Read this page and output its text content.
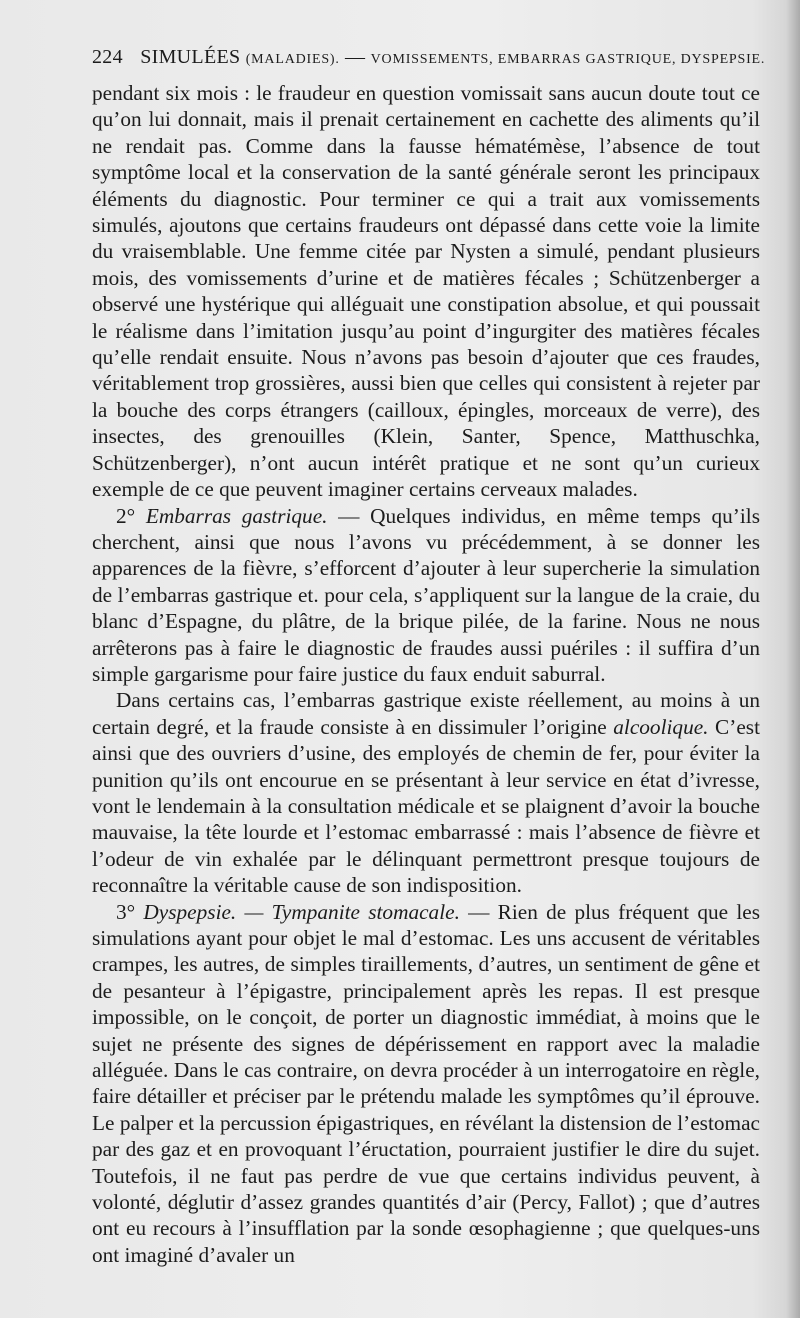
224 SIMULÉES (MALADIES). — VOMISSEMENTS, EMBARRAS GASTRIQUE, DYSPEPSIE.

pendant six mois : le fraudeur en question vomissait sans aucun doute tout ce qu’on lui donnait, mais il prenait certainement en cachette des aliments qu’il ne rendait pas. Comme dans la fausse hématémèse, l’absence de tout symptôme local et la conservation de la santé générale seront les principaux éléments du diagnostic. Pour terminer ce qui a trait aux vomissements simulés, ajoutons que certains fraudeurs ont dépassé dans cette voie la limite du vraisemblable. Une femme citée par Nysten a simulé, pendant plusieurs mois, des vomissements d’urine et de matières fécales ; Schützenberger a observé une hystérique qui alléguait une constipation absolue, et qui poussait le réalisme dans l’imitation jusqu’au point d’ingurgiter des matières fécales qu’elle rendait ensuite. Nous n’avons pas besoin d’ajouter que ces fraudes, véritablement trop grossières, aussi bien que celles qui consistent à rejeter par la bouche des corps étrangers (cailloux, épingles, morceaux de verre), des insectes, des grenouilles (Klein, Santer, Spence, Matthuschka, Schützenberger), n’ont aucun intérêt pratique et ne sont qu’un curieux exemple de ce que peuvent imaginer certains cerveaux malades.

2° Embarras gastrique. — Quelques individus, en même temps qu’ils cherchent, ainsi que nous l’avons vu précédemment, à se donner les apparences de la fièvre, s’efforcent d’ajouter à leur supercherie la simulation de l’embarras gastrique et. pour cela, s’appliquent sur la langue de la craie, du blanc d’Espagne, du plâtre, de la brique pilée, de la farine. Nous ne nous arrêterons pas à faire le diagnostic de fraudes aussi puériles : il suffira d’un simple gargarisme pour faire justice du faux enduit saburral.

Dans certains cas, l’embarras gastrique existe réellement, au moins à un certain degré, et la fraude consiste à en dissimuler l’origine alcoolique. C’est ainsi que des ouvriers d’usine, des employés de chemin de fer, pour éviter la punition qu’ils ont encourue en se présentant à leur service en état d’ivresse, vont le lendemain à la consultation médicale et se plaignent d’avoir la bouche mauvaise, la tête lourde et l’estomac embarrassé : mais l’absence de fièvre et l’odeur de vin exhalée par le délinquant permettront presque toujours de reconnaître la véritable cause de son indisposition.

3° Dyspepsie. — Tympanite stomacale. — Rien de plus fréquent que les simulations ayant pour objet le mal d’estomac. Les uns accusent de véritables crampes, les autres, de simples tiraillements, d’autres, un sentiment de gêne et de pesanteur à l’épigastre, principalement après les repas. Il est presque impossible, on le conçoit, de porter un diagnostic immédiat, à moins que le sujet ne présente des signes de dépérissement en rapport avec la maladie alléguée. Dans le cas contraire, on devra procéder à un interrogatoire en règle, faire détailler et préciser par le prétendu malade les symptômes qu’il éprouve. Le palper et la percussion épigastriques, en révélant la distension de l’estomac par des gaz et en provoquant l’éructation, pourraient justifier le dire du sujet. Toutefois, il ne faut pas perdre de vue que certains individus peuvent, à volonté, déglutir d’assez grandes quantités d’air (Percy, Fallot) ; que d’autres ont eu recours à l’insufflation par la sonde œsophagienne ; que quelques-uns ont imaginé d’avaler un
